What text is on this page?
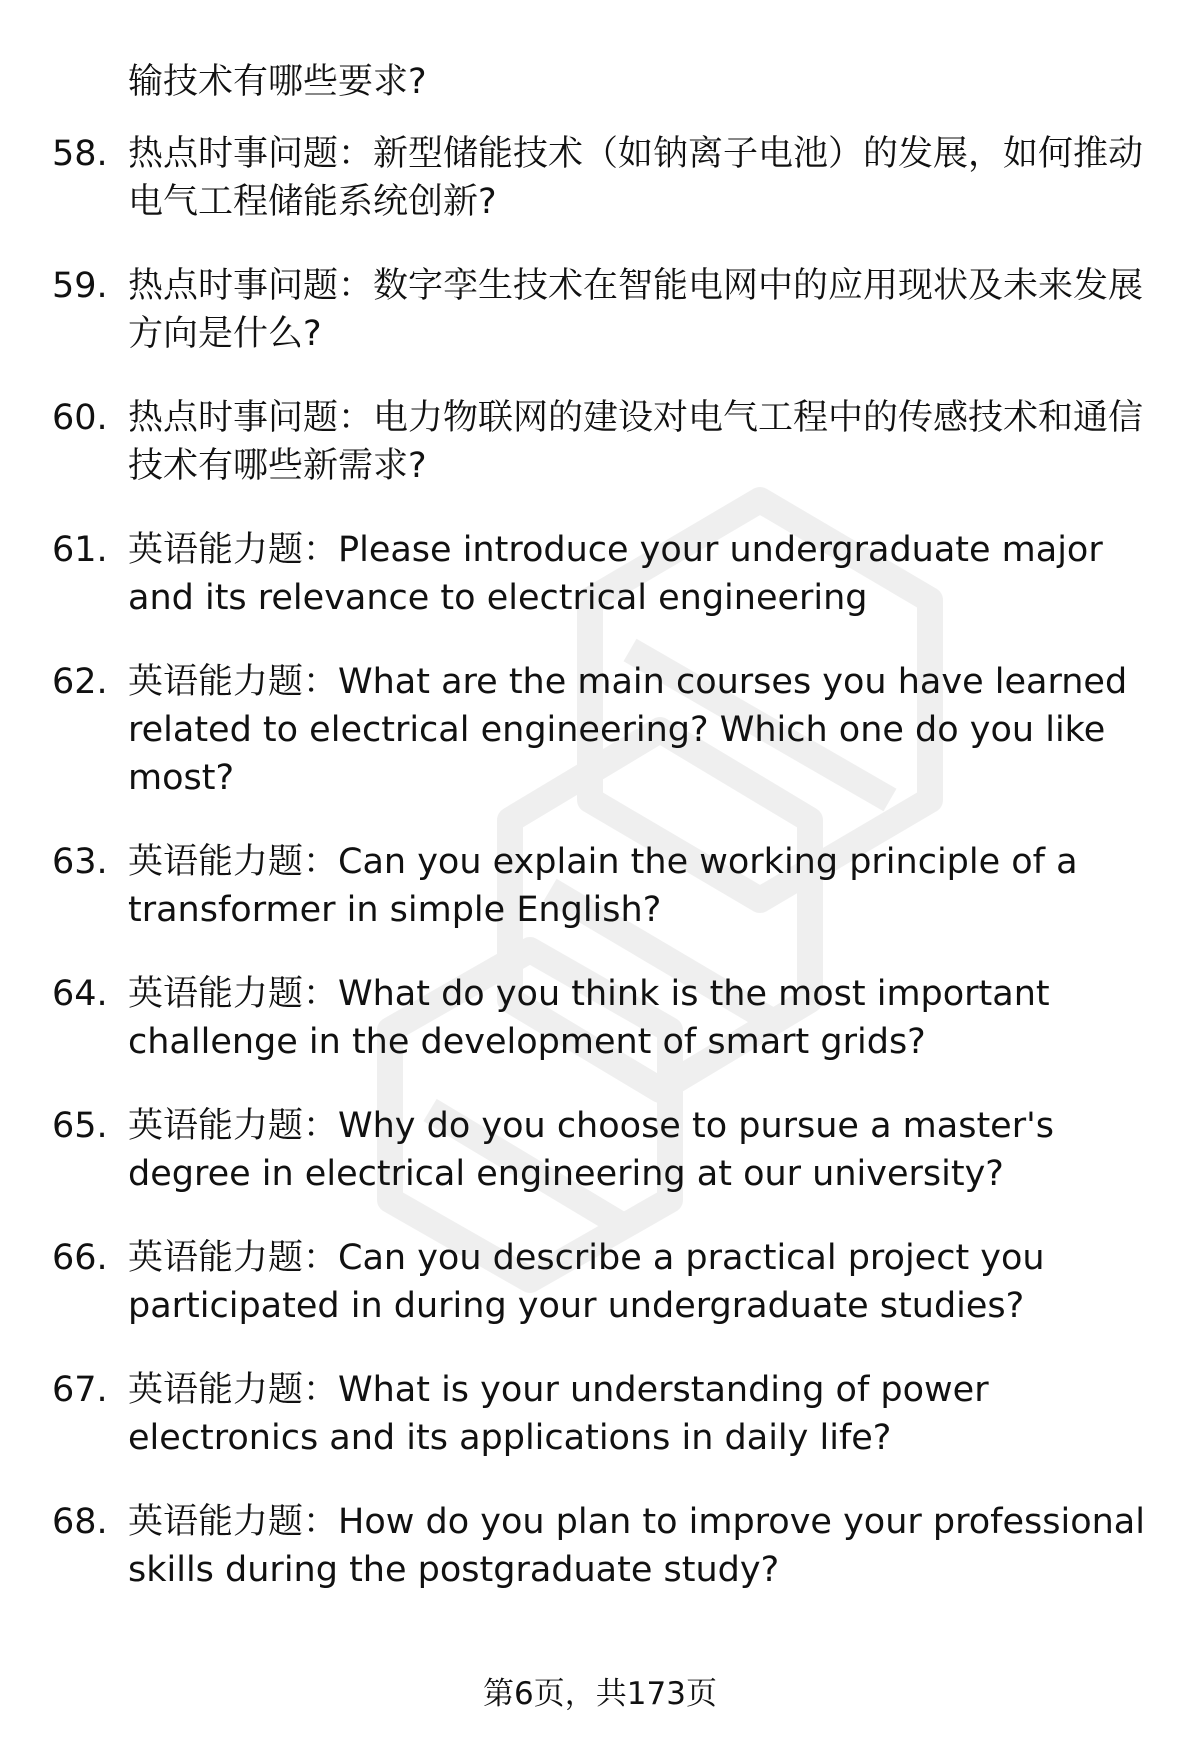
输技术有哪些要求?
58. 热点时事问题：新型储能技术（如钠离子电池）的发展，如何推动电气工程储能系统创新?
59. 热点时事问题：数字孪生技术在智能电网中的应用现状及未来发展方向是什么?
60. 热点时事问题：电力物联网的建设对电气工程中的传感技术和通信技术有哪些新需求?
61. 英语能力题：Please introduce your undergraduate major and its relevance to electrical engineering
62. 英语能力题：What are the main courses you have learned related to electrical engineering? Which one do you like most?
63. 英语能力题：Can you explain the working principle of a transformer in simple English?
64. 英语能力题：What do you think is the most important challenge in the development of smart grids?
65. 英语能力题：Why do you choose to pursue a master's degree in electrical engineering at our university?
66. 英语能力题：Can you describe a practical project you participated in during your undergraduate studies?
67. 英语能力题：What is your understanding of power electronics and its applications in daily life?
68. 英语能力题：How do you plan to improve your professional skills during the postgraduate study?
第6页，共173页
